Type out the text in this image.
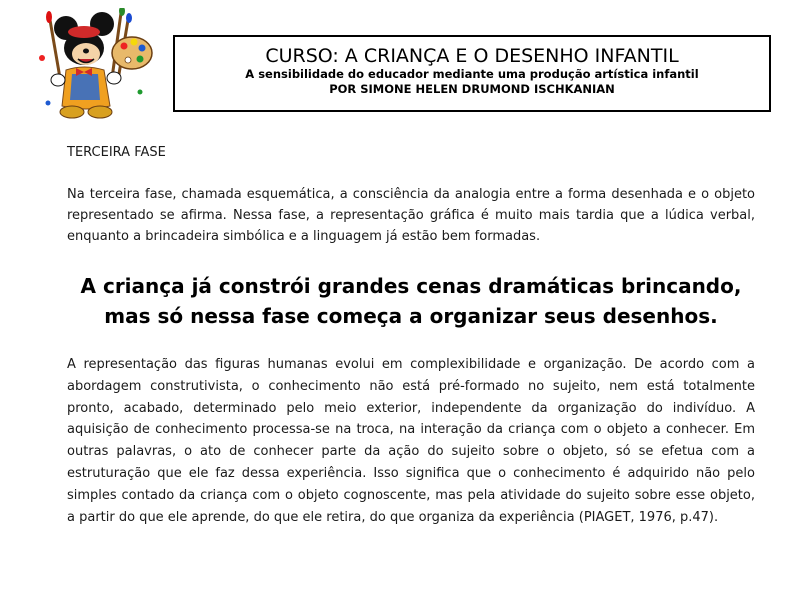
CURSO: A CRIANÇA E O DESENHO INFANTIL
A sensibilidade do educador mediante uma produção artística infantil
POR SIMONE HELEN DRUMOND ISCHKANIAN

TERCEIRA FASE

Na terceira fase, chamada esquemática, a consciência da analogia entre a forma desenhada e o objeto representado se afirma. Nessa fase, a representação gráfica é muito mais tardia que a lúdica verbal, enquanto a brincadeira simbólica e a linguagem já estão bem formadas.

A criança já constrói grandes cenas dramáticas brincando, mas só nessa fase começa a organizar seus desenhos.

A representação das figuras humanas evolui em complexibilidade e organização. De acordo com a abordagem construtivista, o conhecimento não está pré-formado no sujeito, nem está totalmente pronto, acabado, determinado pelo meio exterior, independente da organização do indivíduo. A aquisição de conhecimento processa-se na troca, na interação da criança com o objeto a conhecer. Em outras palavras, o ato de conhecer parte da ação do sujeito sobre o objeto, só se efetua com a estruturação que ele faz dessa experiência. Isso significa que o conhecimento é adquirido não pelo simples contado da criança com o objeto cognoscente, mas pela atividade do sujeito sobre esse objeto, a partir do que ele aprende, do que ele retira, do que organiza da experiência (PIAGET, 1976, p.47).
